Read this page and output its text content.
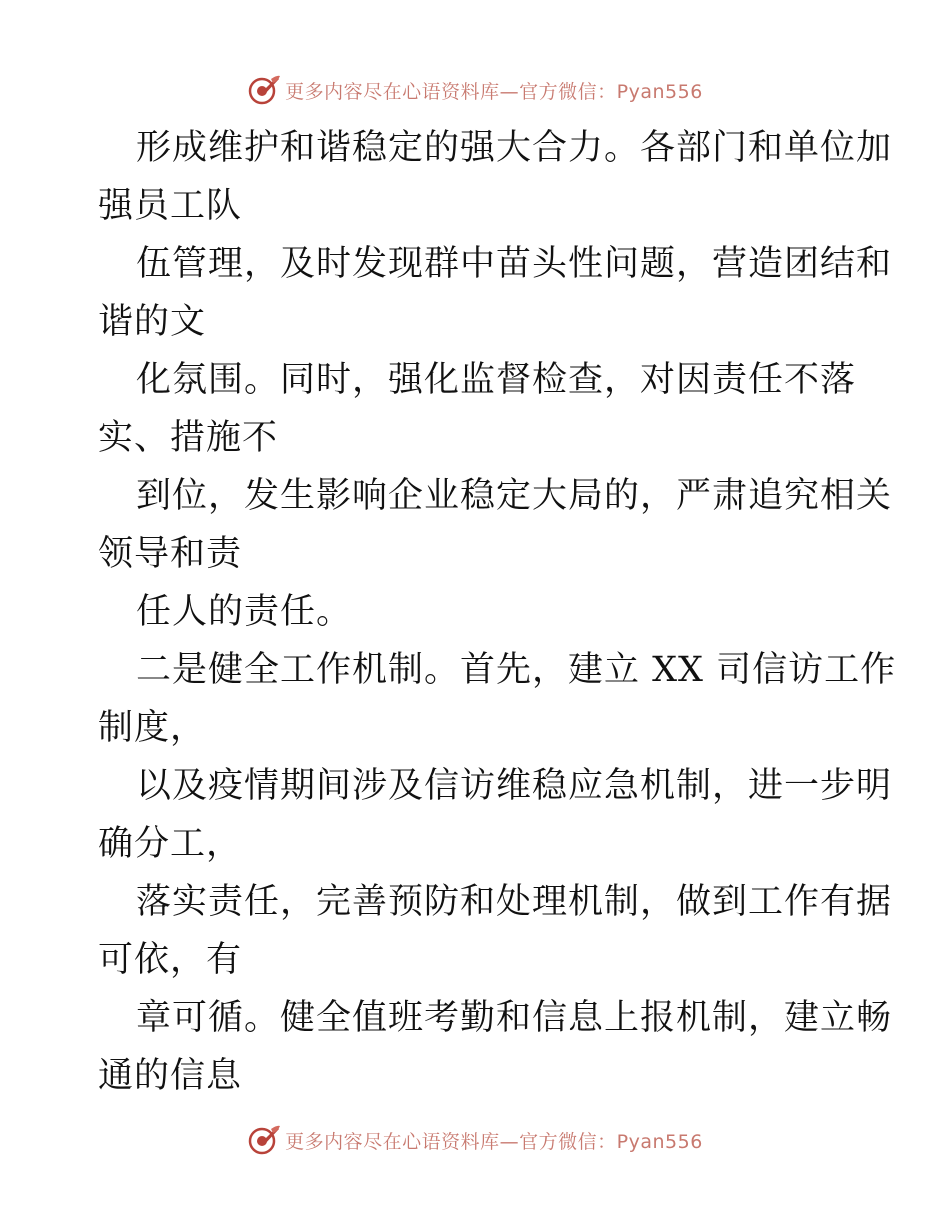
更多内容尽在心语资料库—官方微信：Pyan556
形成维护和谐稳定的强大合力。各部门和单位加
强员工队
伍管理，及时发现群中苗头性问题，营造团结和
谐的文
化氛围。同时，强化监督检查，对因责任不落
实、措施不
到位，发生影响企业稳定大局的，严肃追究相关
领导和责
任人的责任。
二是健全工作机制。首先，建立 XX 司信访工作
制度，
以及疫情期间涉及信访维稳应急机制，进一步明
确分工，
落实责任，完善预防和处理机制，做到工作有据
可依，有
章可循。健全值班考勤和信息上报机制，建立畅
通的信息
更多内容尽在心语资料库—官方微信：Pyan556
